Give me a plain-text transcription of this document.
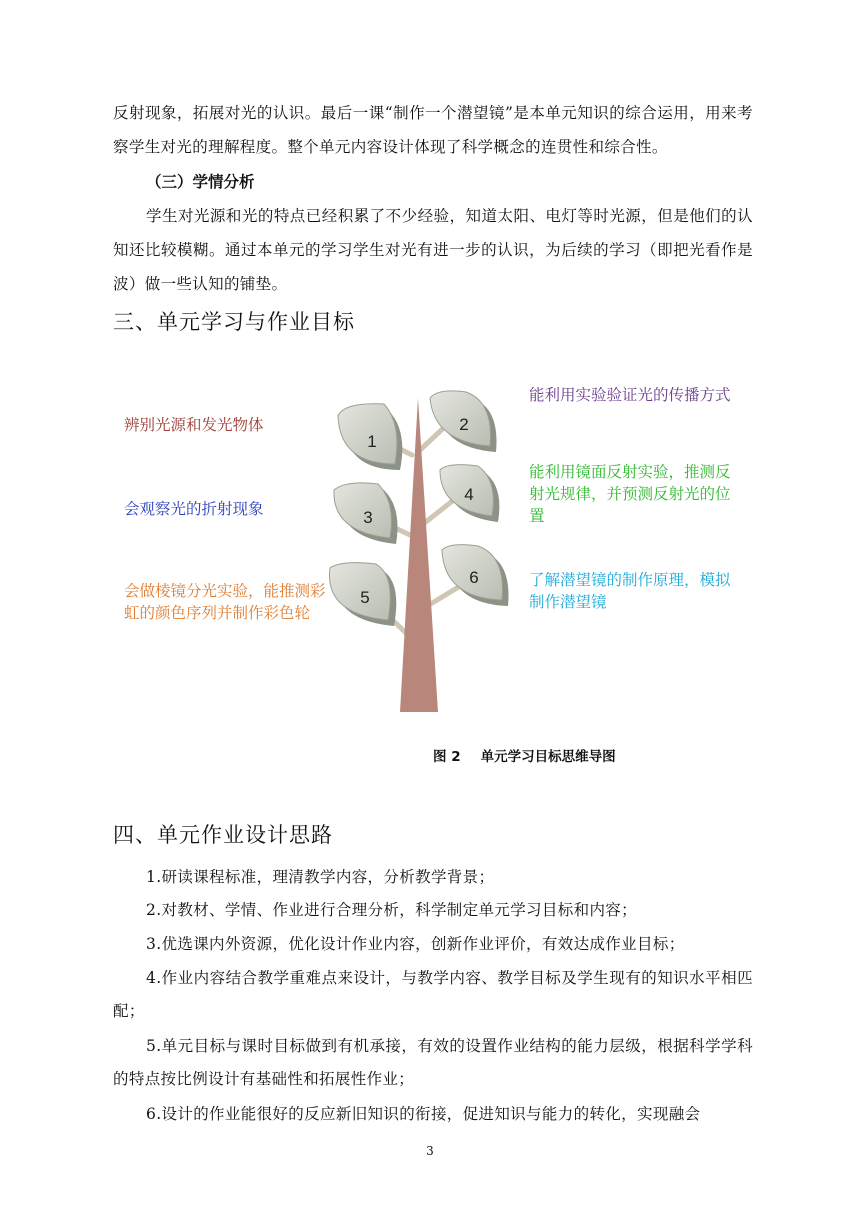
反射现象，拓展对光的认识。最后一课“制作一个潜望镜”是本单元知识的综合运用，用来考察学生对光的理解程度。整个单元内容设计体现了科学概念的连贯性和综合性。

（三）学情分析

学生对光源和光的特点已经积累了不少经验，知道太阳、电灯等时光源，但是他们的认知还比较模糊。通过本单元的学习学生对光有进一步的认识，为后续的学习（即把光看作是波）做一些认知的铺垫。

三、单元学习与作业目标
1
2
3
4
5
6

辨别光源和发光物体

能利用实验验证光的传播方式

会观察光的折射现象

能利用镜面反射实验，推测反射光规律，并预测反射光的位置

会做棱镜分光实验，能推测彩虹的颜色序列并制作彩色轮

了解潜望镜的制作原理，模拟制作潜望镜

图 2 单元学习目标思维导图
四、单元作业设计思路

1.研读课程标准，理清教学内容，分析教学背景；

2.对教材、学情、作业进行合理分析，科学制定单元学习目标和内容；

3.优选课内外资源，优化设计作业内容，创新作业评价，有效达成作业目标；

4.作业内容结合教学重难点来设计，与教学内容、教学目标及学生现有的知识水平相匹配；

5.单元目标与课时目标做到有机承接，有效的设置作业结构的能力层级，根据科学学科的特点按比例设计有基础性和拓展性作业；

6.设计的作业能很好的反应新旧知识的衔接，促进知识与能力的转化，实现融会

3
